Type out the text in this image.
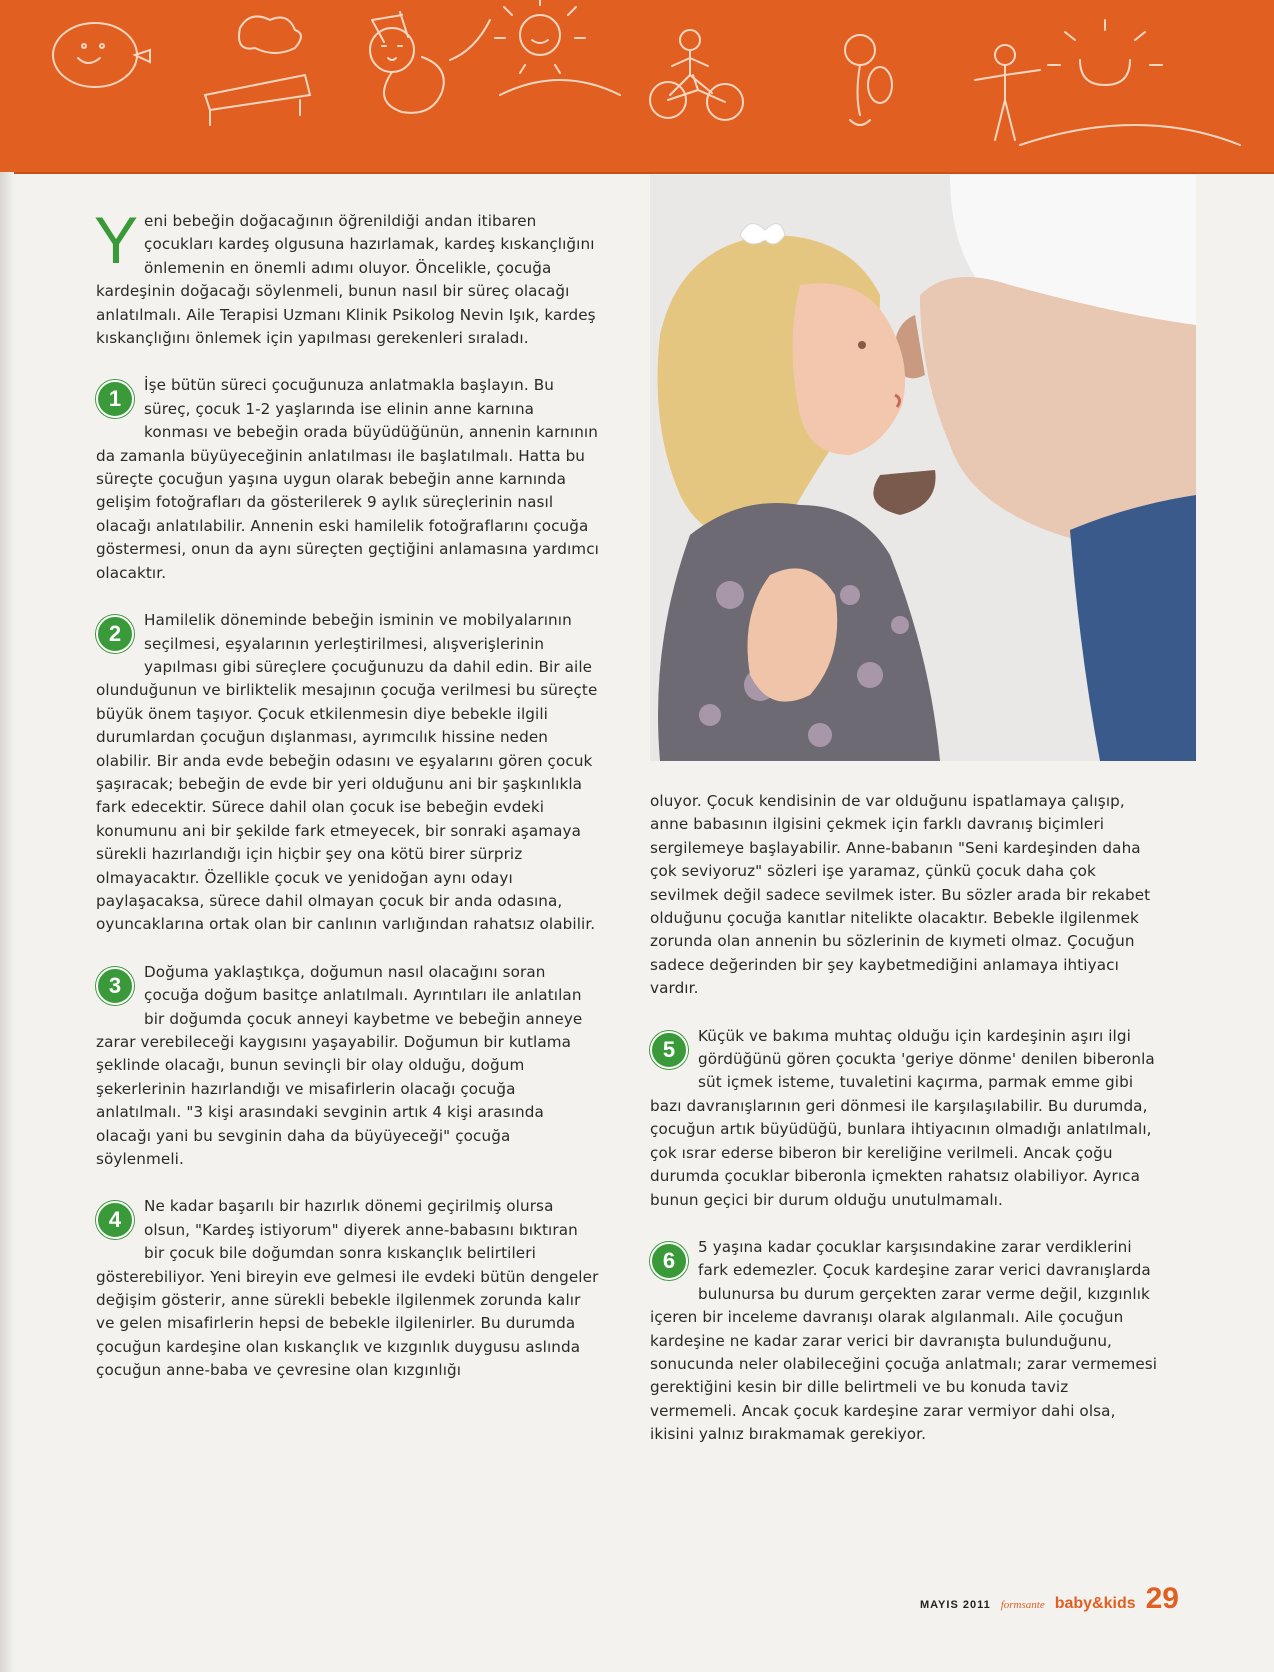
Y eni bebeğin doğacağının öğrenildiği andan itibaren çocukları kardeş olgusuna hazırlamak, kardeş kıskançlığını önlemenin en önemli adımı oluyor. Öncelikle, çocuğa kardeşinin doğacağı söylenmeli, bunun nasıl bir süreç olacağı anlatılmalı. Aile Terapisi Uzmanı Klinik Psikolog Nevin Işık, kardeş kıskançlığını önlemek için yapılması gerekenleri sıraladı.

1

İşe bütün süreci çocuğunuza anlatmakla başlayın. Bu süreç, çocuk 1-2 yaşlarında ise elinin anne karnına konması ve bebeğin orada büyüdüğünün, annenin karnının da zamanla büyüyeceğinin anlatılması ile başlatılmalı. Hatta bu süreçte çocuğun yaşına uygun olarak bebeğin anne karnında gelişim fotoğrafları da gösterilerek 9 aylık süreçlerinin nasıl olacağı anlatılabilir. Annenin eski hamilelik fotoğraflarını çocuğa göstermesi, onun da aynı süreçten geçtiğini anlamasına yardımcı olacaktır.

2

Hamilelik döneminde bebeğin isminin ve mobilyalarının seçilmesi, eşyalarının yerleştirilmesi, alışverişlerinin yapılması gibi süreçlere çocuğunuzu da dahil edin. Bir aile olunduğunun ve birliktelik mesajının çocuğa verilmesi bu süreçte büyük önem taşıyor. Çocuk etkilenmesin diye bebekle ilgili durumlardan çocuğun dışlanması, ayrımcılık hissine neden olabilir. Bir anda evde bebeğin odasını ve eşyalarını gören çocuk şaşıracak; bebeğin de evde bir yeri olduğunu ani bir şaşkınlıkla fark edecektir. Sürece dahil olan çocuk ise bebeğin evdeki konumunu ani bir şekilde fark etmeyecek, bir sonraki aşamaya sürekli hazırlandığı için hiçbir şey ona kötü birer sürpriz olmayacaktır. Özellikle çocuk ve yenidoğan aynı odayı paylaşacaksa, sürece dahil olmayan çocuk bir anda odasına, oyuncaklarına ortak olan bir canlının varlığından rahatsız olabilir.

3

Doğuma yaklaştıkça, doğumun nasıl olacağını soran çocuğa doğum basitçe anlatılmalı. Ayrıntıları ile anlatılan bir doğumda çocuk anneyi kaybetme ve bebeğin anneye zarar verebileceği kaygısını yaşayabilir. Doğumun bir kutlama şeklinde olacağı, bunun sevinçli bir olay olduğu, doğum şekerlerinin hazırlandığı ve misafirlerin olacağı çocuğa anlatılmalı. "3 kişi arasındaki sevginin artık 4 kişi arasında olacağı yani bu sevginin daha da büyüyeceği" çocuğa söylenmeli.

4

Ne kadar başarılı bir hazırlık dönemi geçirilmiş olursa olsun, "Kardeş istiyorum" diyerek anne-babasını bıktıran bir çocuk bile doğumdan sonra kıskançlık belirtileri gösterebiliyor. Yeni bireyin eve gelmesi ile evdeki bütün dengeler değişim gösterir, anne sürekli bebekle ilgilenmek zorunda kalır ve gelen misafirlerin hepsi de bebekle ilgilenirler. Bu durumda çocuğun kardeşine olan kıskançlık ve kızgınlık duygusu aslında çocuğun anne-baba ve çevresine olan kızgınlığı

oluyor. Çocuk kendisinin de var olduğunu ispatlamaya çalışıp, anne babasının ilgisini çekmek için farklı davranış biçimleri sergilemeye başlayabilir. Anne-babanın "Seni kardeşinden daha çok seviyoruz" sözleri işe yaramaz, çünkü çocuk daha çok sevilmek değil sadece sevilmek ister. Bu sözler arada bir rekabet olduğunu çocuğa kanıtlar nitelikte olacaktır. Bebekle ilgilenmek zorunda olan annenin bu sözlerinin de kıymeti olmaz. Çocuğun sadece değerinden bir şey kaybetmediğini anlamaya ihtiyacı vardır.

5

Küçük ve bakıma muhtaç olduğu için kardeşinin aşırı ilgi gördüğünü gören çocukta 'geriye dönme' denilen biberonla süt içmek isteme, tuvaletini kaçırma, parmak emme gibi bazı davranışlarının geri dönmesi ile karşılaşılabilir. Bu durumda, çocuğun artık büyüdüğü, bunlara ihtiyacının olmadığı anlatılmalı, çok ısrar ederse biberon bir kereliğine verilmeli. Ancak çoğu durumda çocuklar biberonla içmekten rahatsız olabiliyor. Ayrıca bunun geçici bir durum olduğu unutulmamalı.

6

5 yaşına kadar çocuklar karşısındakine zarar verdiklerini fark edemezler. Çocuk kardeşine zarar verici davranışlarda bulunursa bu durum gerçekten zarar verme değil, kızgınlık içeren bir inceleme davranışı olarak algılanmalı. Aile çocuğun kardeşine ne kadar zarar verici bir davranışta bulunduğunu, sonucunda neler olabileceğini çocuğa anlatmalı; zarar vermemesi gerektiğini kesin bir dille belirtmeli ve bu konuda taviz vermemeli. Ancak çocuk kardeşine zarar vermiyor dahi olsa, ikisini yalnız bırakmamak gerekiyor.

MAYIS 2011 formsante baby&kids 29
